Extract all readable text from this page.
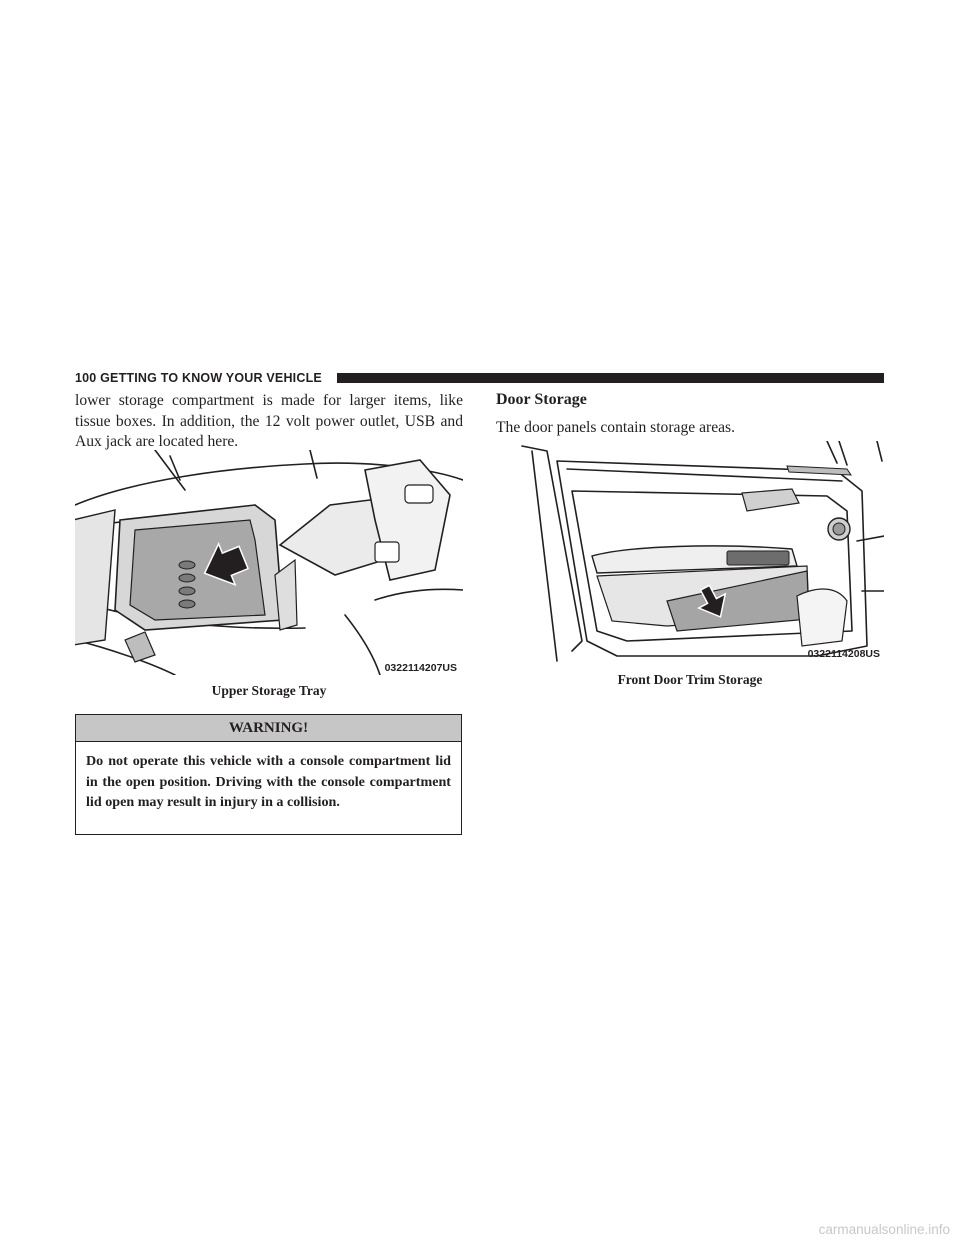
100 GETTING TO KNOW YOUR VEHICLE
lower storage compartment is made for larger items, like tissue boxes. In addition, the 12 volt power outlet, USB and Aux jack are located here.
0322114207US
Upper Storage Tray
WARNING!
Do not operate this vehicle with a console compartment lid in the open position. Driving with the console compartment lid open may result in injury in a collision.
Door Storage
The door panels contain storage areas.
0322114208US
Front Door Trim Storage
carmanualsonline.info
